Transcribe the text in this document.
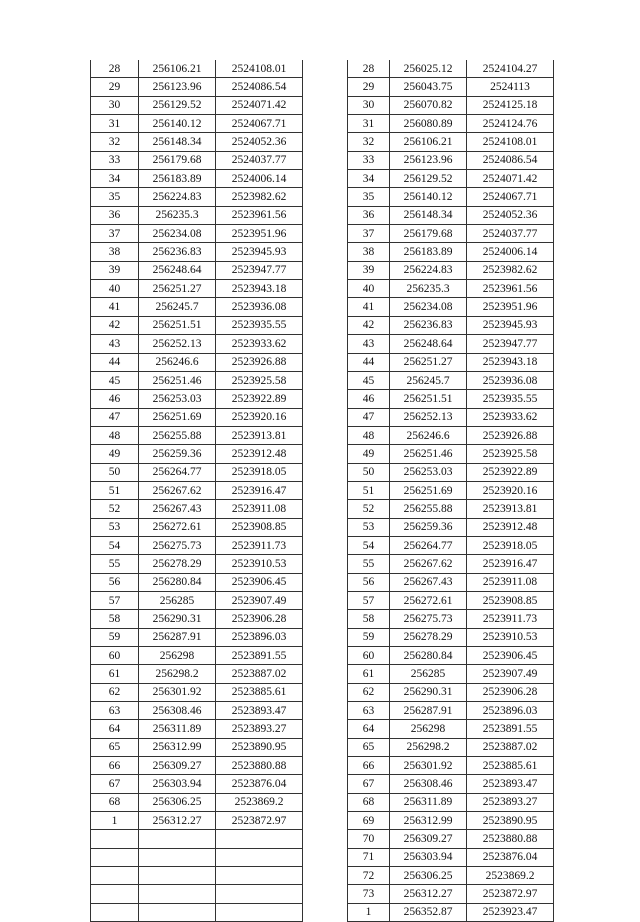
28	256106.21	2524108.01
29	256123.96	2524086.54
30	256129.52	2524071.42
31	256140.12	2524067.71
32	256148.34	2524052.36
33	256179.68	2524037.77
34	256183.89	2524006.14
35	256224.83	2523982.62
36	256235.3	2523961.56
37	256234.08	2523951.96
38	256236.83	2523945.93
39	256248.64	2523947.77
40	256251.27	2523943.18
41	256245.7	2523936.08
42	256251.51	2523935.55
43	256252.13	2523933.62
44	256246.6	2523926.88
45	256251.46	2523925.58
46	256253.03	2523922.89
47	256251.69	2523920.16
48	256255.88	2523913.81
49	256259.36	2523912.48
50	256264.77	2523918.05
51	256267.62	2523916.47
52	256267.43	2523911.08
53	256272.61	2523908.85
54	256275.73	2523911.73
55	256278.29	2523910.53
56	256280.84	2523906.45
57	256285	2523907.49
58	256290.31	2523906.28
59	256287.91	2523896.03
60	256298	2523891.55
61	256298.2	2523887.02
62	256301.92	2523885.61
63	256308.46	2523893.47
64	256311.89	2523893.27
65	256312.99	2523890.95
66	256309.27	2523880.88
67	256303.94	2523876.04
68	256306.25	2523869.2
1	256312.27	2523872.97

28	256025.12	2524104.27
29	256043.75	2524113
30	256070.82	2524125.18
31	256080.89	2524124.76
32	256106.21	2524108.01
33	256123.96	2524086.54
34	256129.52	2524071.42
35	256140.12	2524067.71
36	256148.34	2524052.36
37	256179.68	2524037.77
38	256183.89	2524006.14
39	256224.83	2523982.62
40	256235.3	2523961.56
41	256234.08	2523951.96
42	256236.83	2523945.93
43	256248.64	2523947.77
44	256251.27	2523943.18
45	256245.7	2523936.08
46	256251.51	2523935.55
47	256252.13	2523933.62
48	256246.6	2523926.88
49	256251.46	2523925.58
50	256253.03	2523922.89
51	256251.69	2523920.16
52	256255.88	2523913.81
53	256259.36	2523912.48
54	256264.77	2523918.05
55	256267.62	2523916.47
56	256267.43	2523911.08
57	256272.61	2523908.85
58	256275.73	2523911.73
59	256278.29	2523910.53
60	256280.84	2523906.45
61	256285	2523907.49
62	256290.31	2523906.28
63	256287.91	2523896.03
64	256298	2523891.55
65	256298.2	2523887.02
66	256301.92	2523885.61
67	256308.46	2523893.47
68	256311.89	2523893.27
69	256312.99	2523890.95
70	256309.27	2523880.88
71	256303.94	2523876.04
72	256306.25	2523869.2
73	256312.27	2523872.97
1	256352.87	2523923.47
